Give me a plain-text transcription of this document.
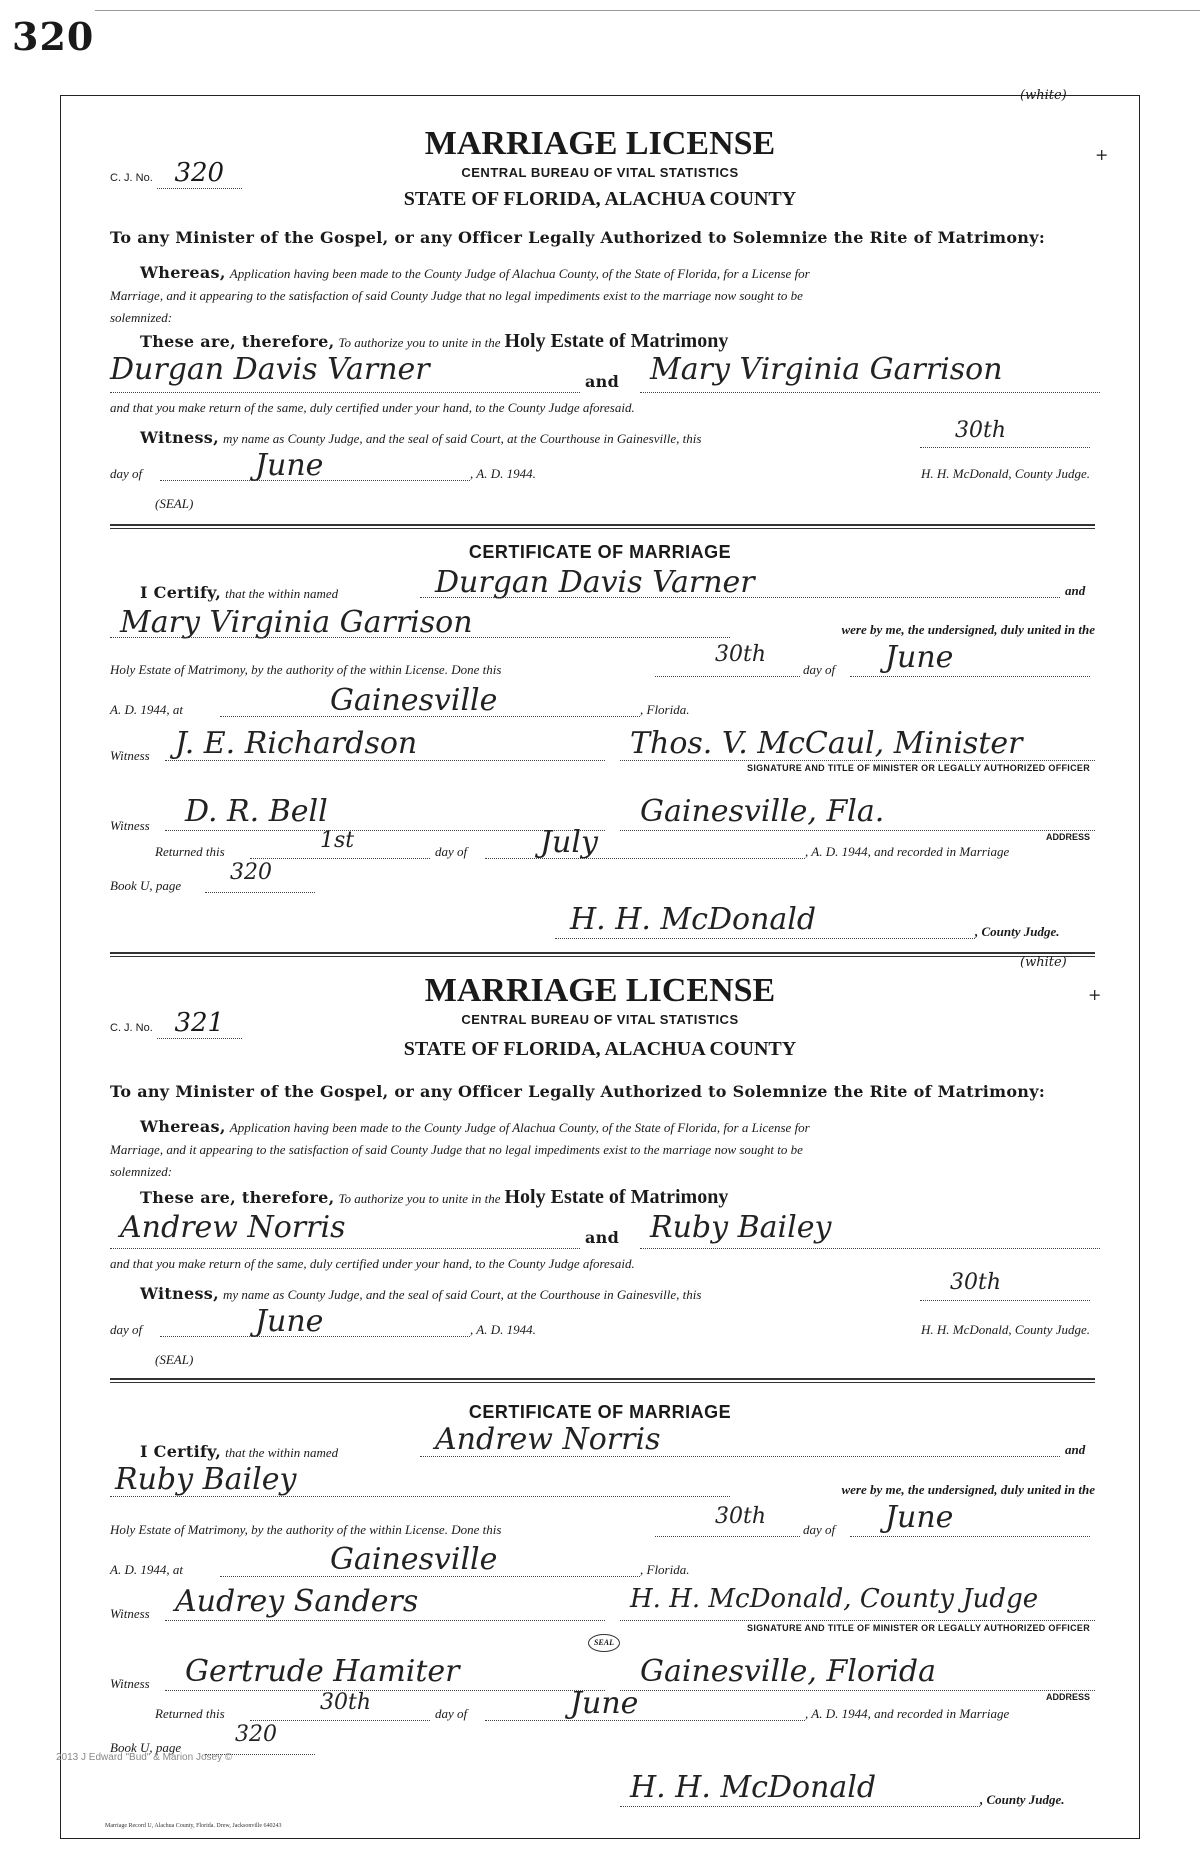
320
(white)
+
MARRIAGE LICENSE
CENTRAL BUREAU OF VITAL STATISTICS
STATE OF FLORIDA, ALACHUA COUNTY
C. J. No. 320
To any Minister of the Gospel, or any Officer Legally Authorized to Solemnize the Rite of Matrimony:
Whereas, Application having been made to the County Judge of Alachua County, of the State of Florida, for a License for
Marriage, and it appearing to the satisfaction of said County Judge that no legal impediments exist to the marriage now sought to be
solemnized:
These are, therefore, To authorize you to unite in the Holy Estate of Matrimony
Durgan Davis Varner	and Mary Virginia Garrison
and that you make return of the same, duly certified under your hand, to the County Judge aforesaid.
Witness, my name as County Judge, and the seal of said Court, at the Courthouse in Gainesville, this	30th
day of	June	, A. D. 1944.	H. H. McDonald, County Judge.
(SEAL)
CERTIFICATE OF MARRIAGE
I Certify, that the within named	Durgan Davis Varner	and
Mary Virginia Garrison	were by me, the undersigned, duly united in the
Holy Estate of Matrimony, by the authority of the within License. Done this
30th
day of June
A. D. 1944, at	Gainesville	, Florida.
Witness J. E. Richardson	Thos. V. McCaul, Minister
SIGNATURE AND TITLE OF MINISTER OR LEGALLY AUTHORIZED OFFICER
Witness D. R. Bell	Gainesville, Fla.
ADDRESS
Returned this	1st	day of July	, A. D. 1944, and recorded in Marriage
Book U, page
320
H. H. McDonald	, County Judge.
(white)
+
MARRIAGE LICENSE
CENTRAL BUREAU OF VITAL STATISTICS
STATE OF FLORIDA, ALACHUA COUNTY
C. J. No. 321
To any Minister of the Gospel, or any Officer Legally Authorized to Solemnize the Rite of Matrimony:
Whereas, Application having been made to the County Judge of Alachua County, of the State of Florida, for a License for
Marriage, and it appearing to the satisfaction of said County Judge that no legal impediments exist to the marriage now sought to be
solemnized:
These are, therefore, To authorize you to unite in the Holy Estate of Matrimony
Andrew Norris	and Ruby Bailey
and that you make return of the same, duly certified under your hand, to the County Judge aforesaid.
Witness, my name as County Judge, and the seal of said Court, at the Courthouse in Gainesville, this	30th
day of	June	, A. D. 1944.	H. H. McDonald, County Judge.
(SEAL)
CERTIFICATE OF MARRIAGE
I Certify, that the within named	Andrew Norris	and
Ruby Bailey	were by me, the undersigned, duly united in the
Holy Estate of Matrimony, by the authority of the within License. Done this
30th
day of June
A. D. 1944, at	Gainesville	, Florida.
Witness Audrey Sanders	H. H. McDonald, County Judge
SIGNATURE AND TITLE OF MINISTER OR LEGALLY AUTHORIZED OFFICER
SEAL
Witness Gertrude Hamiter	Gainesville, Florida
ADDRESS
Returned this	30th	day of	June	, A. D. 1944, and recorded in Marriage
Book U, page
320
2013 J Edward "Bud" & Marion Josey ©
H. H. McDonald	, County Judge.
Marriage Record U, Alachua County, Florida. Drew, Jacksonville 640243
